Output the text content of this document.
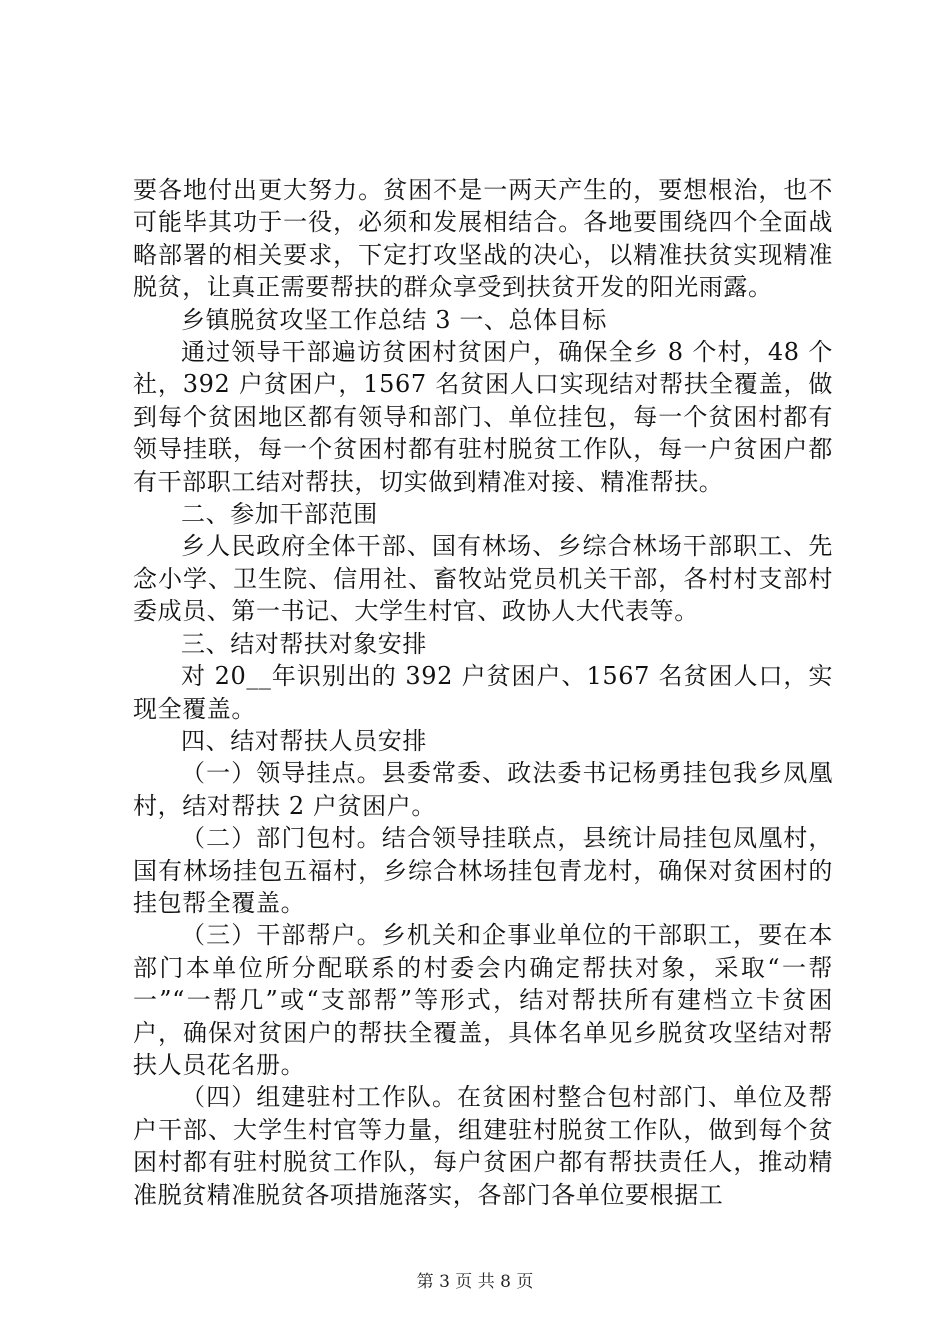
要各地付出更大努力。贫困不是一两天产生的，要想根治，也不可能毕其功于一役，必须和发展相结合。各地要围绕四个全面战略部署的相关要求，下定打攻坚战的决心，以精准扶贫实现精准脱贫，让真正需要帮扶的群众享受到扶贫开发的阳光雨露。

乡镇脱贫攻坚工作总结 3 一、总体目标

通过领导干部遍访贫困村贫困户，确保全乡 8 个村，48 个社，392 户贫困户，1567 名贫困人口实现结对帮扶全覆盖，做到每个贫困地区都有领导和部门、单位挂包，每一个贫困村都有领导挂联，每一个贫困村都有驻村脱贫工作队，每一户贫困户都有干部职工结对帮扶，切实做到精准对接、精准帮扶。

二、参加干部范围

乡人民政府全体干部、国有林场、乡综合林场干部职工、先念小学、卫生院、信用社、畜牧站党员机关干部，各村村支部村委成员、第一书记、大学生村官、政协人大代表等。

三、结对帮扶对象安排

对 20__年识别出的 392 户贫困户、1567 名贫困人口，实现全覆盖。

四、结对帮扶人员安排

（一）领导挂点。县委常委、政法委书记杨勇挂包我乡凤凰村，结对帮扶 2 户贫困户。

（二）部门包村。结合领导挂联点，县统计局挂包凤凰村，国有林场挂包五福村，乡综合林场挂包青龙村，确保对贫困村的挂包帮全覆盖。

（三）干部帮户。乡机关和企事业单位的干部职工，要在本部门本单位所分配联系的村委会内确定帮扶对象，采取“一帮一”“一帮几”或“支部帮”等形式，结对帮扶所有建档立卡贫困户，确保对贫困户的帮扶全覆盖，具体名单见乡脱贫攻坚结对帮扶人员花名册。

（四）组建驻村工作队。在贫困村整合包村部门、单位及帮户干部、大学生村官等力量，组建驻村脱贫工作队，做到每个贫困村都有驻村脱贫工作队，每户贫困户都有帮扶责任人，推动精准脱贫精准脱贫各项措施落实，各部门各单位要根据工

第 3 页 共 8 页
